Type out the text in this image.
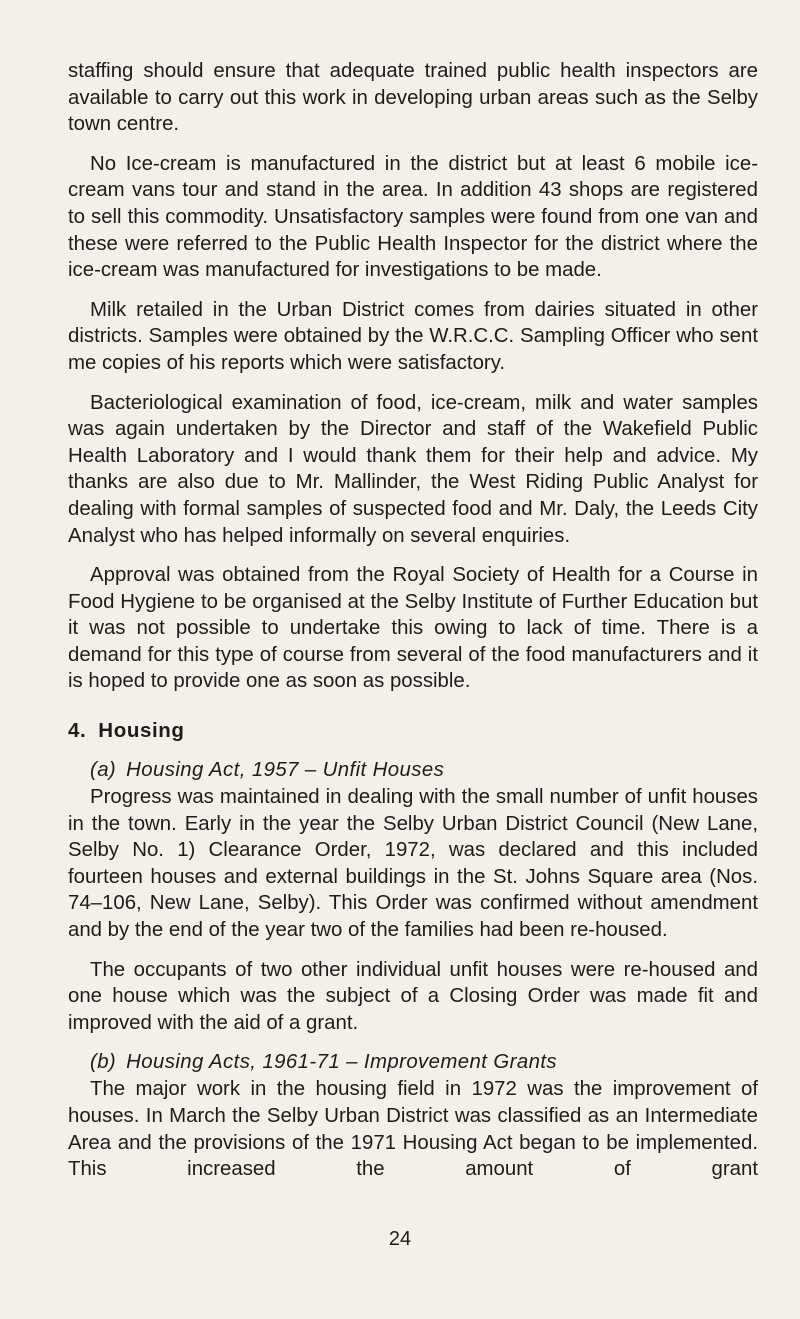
staffing should ensure that adequate trained public health inspectors are available to carry out this work in developing urban areas such as the Selby town centre.

No Ice-cream is manufactured in the district but at least 6 mobile ice-cream vans tour and stand in the area. In addition 43 shops are registered to sell this commodity. Unsatisfactory samples were found from one van and these were referred to the Public Health Inspector for the district where the ice-cream was manufactured for investigations to be made.

Milk retailed in the Urban District comes from dairies situated in other districts. Samples were obtained by the W.R.C.C. Sampling Officer who sent me copies of his reports which were satisfactory.

Bacteriological examination of food, ice-cream, milk and water samples was again undertaken by the Director and staff of the Wakefield Public Health Laboratory and I would thank them for their help and advice. My thanks are also due to Mr. Mallinder, the West Riding Public Analyst for dealing with formal samples of suspected food and Mr. Daly, the Leeds City Analyst who has helped informally on several enquiries.

Approval was obtained from the Royal Society of Health for a Course in Food Hygiene to be organised at the Selby Institute of Further Education but it was not possible to undertake this owing to lack of time. There is a demand for this type of course from several of the food manufacturers and it is hoped to provide one as soon as possible.

4. Housing
(a) Housing Act, 1957 – Unfit Houses

Progress was maintained in dealing with the small number of unfit houses in the town. Early in the year the Selby Urban District Council (New Lane, Selby No. 1) Clearance Order, 1972, was declared and this included fourteen houses and external buildings in the St. Johns Square area (Nos. 74–106, New Lane, Selby). This Order was confirmed without amendment and by the end of the year two of the families had been re-housed.

The occupants of two other individual unfit houses were re-housed and one house which was the subject of a Closing Order was made fit and improved with the aid of a grant.

(b) Housing Acts, 1961-71 – Improvement Grants

The major work in the housing field in 1972 was the improvement of houses. In March the Selby Urban District was classified as an Intermediate Area and the provisions of the 1971 Housing Act began to be implemented. This increased the amount of grant

24
